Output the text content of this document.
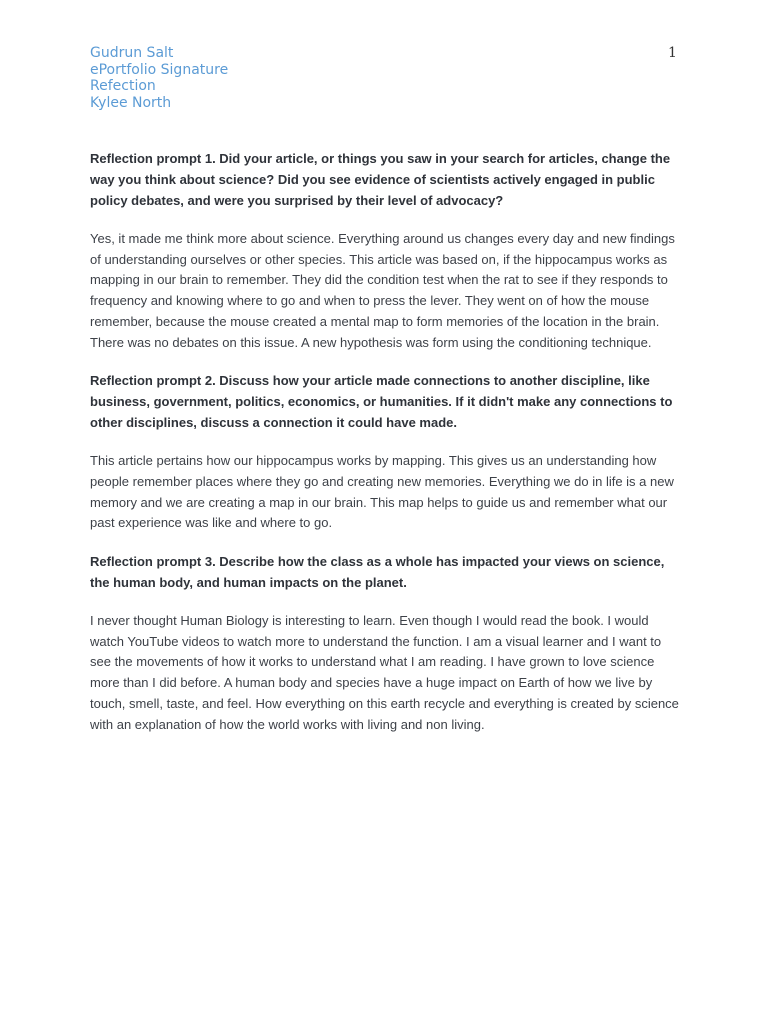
Gudrun Salt
ePortfolio Signature
Refection
Kylee North
1

Reflection prompt 1. Did your article, or things you saw in your search for articles, change the way you think about science? Did you see evidence of scientists actively engaged in public policy debates, and were you surprised by their level of advocacy?

Yes, it made me think more about science. Everything around us changes every day and new findings of understanding ourselves or other species. This article was based on, if the hippocampus works as mapping in our brain to remember. They did the condition test when the rat to see if they responds to frequency and knowing where to go and when to press the lever. They went on of how the mouse remember, because the mouse created a mental map to form memories of the location in the brain. There was no debates on this issue. A new hypothesis was form using the conditioning technique.

Reflection prompt 2. Discuss how your article made connections to another discipline, like business, government, politics, economics, or humanities. If it didn't make any connections to other disciplines, discuss a connection it could have made.

This article pertains how our hippocampus works by mapping. This gives us an understanding how people remember places where they go and creating new memories. Everything we do in life is a new memory and we are creating a map in our brain. This map helps to guide us and remember what our past experience was like and where to go.

Reflection prompt 3. Describe how the class as a whole has impacted your views on science, the human body, and human impacts on the planet.

I never thought Human Biology is interesting to learn. Even though I would read the book. I would watch YouTube videos to watch more to understand the function. I am a visual learner and I want to see the movements of how it works to understand what I am reading. I have grown to love science more than I did before. A human body and species have a huge impact on Earth of how we live by touch, smell, taste, and feel. How everything on this earth recycle and everything is created by science with an explanation of how the world works with living and non living.
